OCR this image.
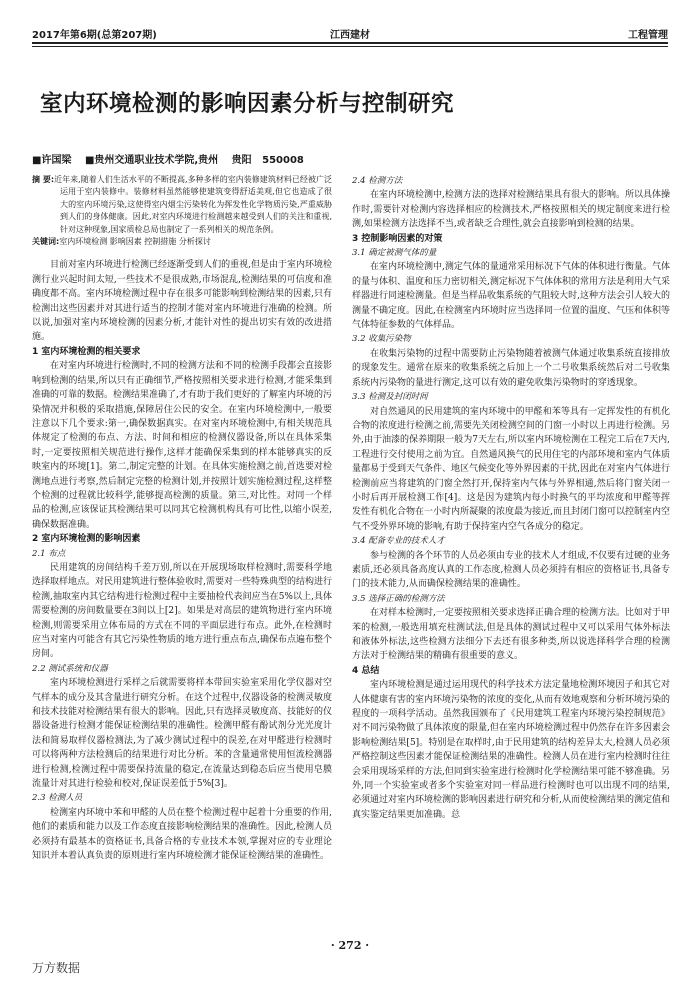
2017年第6期(总第207期)	江西建材	工程管理
室内环境检测的影响因素分析与控制研究
■许国梁 ■贵州交通职业技术学院,贵州 贵阳 550008

摘 要:近年来,随着人们生活水平的不断提高,多种多样的室内装修建筑材料已经被广泛运用于室内装修中。装修材料虽然能够使建筑变得舒适美观,但它也造成了很大的室内环境污染,这使得室内烟尘污染转化为挥发性化学物质污染,严重威胁到人们的身体健康。因此,对室内环境进行检测越来越受到人们的关注和重视,针对这种现象,国家质检总局也制定了一系列相关的规范条例。

关键词:室内环境检测 影响因素 控制措施 分析探讨

目前对室内环境进行检测已经逐渐受到人们的重视,但是由于室内环境检测行业兴起时间太短,一些技术不是很成熟,市场混乱,检测结果的可信度和准确度都不高。室内环境检测过程中存在很多可能影响到检测结果的因素,只有检测出这些因素并对其进行适当的控制才能对室内环境进行准确的检测。所以说,加强对室内环境检测的因素分析,才能针对性的提出切实有效的改进措施。

1 室内环境检测的相关要求

在对室内环境进行检测时,不同的检测方法和不同的检测手段都会直接影响到检测的结果,所以只有正确细节,严格按照相关要求进行检测,才能采集到准确的可靠的数据。检测结果准确了,才有助于我们更好的了解室内环境的污染情况并积极的采取措施,保障居住公民的安全。在室内环境检测中,一般要注意以下几个要求:第一,确保数据真实。在对室内环境检测中,有相关规范具体规定了检测的布点、方法、时间和相应的检测仪器设备,所以在具体采集时,一定要按照相关规范进行操作,这样才能确保采集到的样本能够真实的反映室内的环境[1]。第二,制定完整的计划。在具体实施检测之前,首选要对检测地点进行考察,然后制定完整的检测计划,并按照计划实施检测过程,这样整个检测的过程就比较科学,能够提高检测的质量。第三,对比性。对同一个样品的检测,应该保证其检测结果可以同其它检测机构具有可比性,以缩小误差,确保数据准确。

2 室内环境检测的影响因素
2.1 布点

民用建筑的房间结构千差万别,所以在开展现场取样检测时,需要科学地选择取样地点。对民用建筑进行整体验收时,需要对一些特殊典型的结构进行检测,抽取室内其它结构进行检测过程中主要抽检代表间应当在5%以上,具体需要检测的房间数量要在3间以上[2]。如果是对高层的建筑物进行室内环境检测,则需要采用立体布局的方式在不同的平面层进行布点。此外,在检测时应当对室内可能含有其它污染性物质的地方进行重点布点,确保布点遍布整个房间。

2.2 测试系统和仪器

室内环境检测进行采样之后就需要将样本带回实验室采用化学仪器对空气样本的成分及其含量进行研究分析。在这个过程中,仪器设备的检测灵敏度和技术技能对检测结果有很大的影响。因此,只有选择灵敏度高、技能好的仪器设备进行检测才能保证检测结果的准确性。检测甲醛有酚试剂分光光度计法和简易取样仪器检测法,为了减少测试过程中的误差,在对甲醛进行检测时可以将两种方法检测后的结果进行对比分析。苯的含量通常使用恒流检测器进行检测,检测过程中需要保持流量的稳定,在流量达到稳态后应当使用皂膜流量计对其进行检验和校对,保证误差低于5%[3]。

2.3 检测人员

检测室内环境中苯和甲醛的人员在整个检测过程中起着十分重要的作用,他们的素质和能力以及工作态度直接影响检测结果的准确性。因此,检测人员必须持有最基本的资格证书,具备合格的专业技术本领,掌握对应的专业理论知识并本着认真负责的原则进行室内环境检测才能保证检测结果的准确性。

2.4 检测方法

在室内环境检测中,检测方法的选择对检测结果具有很大的影响。所以具体操作时,需要针对检测内容选择相应的检测技术,严格按照相关的规定制度来进行检测,如果检测方法选择不当,或者缺乏合理性,就会直接影响到检测的结果。

3 控制影响因素的对策
3.1 确定被测气体的量

在室内环境检测中,测定气体的量通常采用标况下气体的体积进行衡量。气体的量与体积、温度和压力密切相关,测定标况下气体体积的常用方法是利用大气采样器进行同速检测量。但是当样品收集系统的气阻较大时,这种方法会引人较大的测量不确定度。因此,在检测室内环境时应当选择同一位置的温度、气压和体积等气体特征参数的气体样品。

3.2 收集污染物

在收集污染物的过程中需要防止污染物随着被测气体通过收集系统直接排放的现象发生。通常在原来的收集系统之后加上一个二号收集系统然后对二号收集系统内污染物的量进行测定,这可以有效的避免收集污染物时的穿透现象。

3.3 检测及封闭时间

对自然通风的民用建筑的室内环境中的甲醛和苯等具有一定挥发性的有机化合物的浓度进行检测之前,需要先关闭检测空间的门窗一小时以上再进行检测。另外,由于油漆的保养期限一般为7天左右,所以室内环境检测在工程完工后在7天内,工程进行交付使用之前为宜。自然通风换气的民用住宅的内部环境和室内气体质量都易于受到天气条件、地区气候变化等外界因素的干扰,因此在对室内气体进行检测前应当将建筑的门窗全然打开,保持室内气体与外界相通,然后将门窗关闭一小时后再开展检测工作[4]。这是因为建筑内每小时换气的平均浓度和甲醛等挥发性有机化合物在一小时内所凝聚的浓度最为接近,而且封闭门窗可以控制室内空气不受外界环境的影响,有助于保持室内空气各成分的稳定。

3.4 配备专业的技术人才

参与检测的各个环节的人员必须由专业的技术人才组成,不仅要有过硬的业务素质,还必须具备高度认真的工作态度,检测人员必须持有相应的资格证书,具备专门的技术能力,从而确保检测结果的准确性。

3.5 选择正确的检测方法

在对样本检测时,一定要按照相关要求选择正确合理的检测方法。比如对于甲苯的检测,一般选用填充柱测试法,但是具体的测试过程中又可以采用气体外标法和液体外标法,这些检测方法细分下去还有很多种类,所以说选择科学合理的检测方法对于检测结果的精确有很重要的意义。

4 总结

室内环境检测是通过运用现代的科学技术方法定量地检测环境因子和其它对人体健康有害的室内环境污染物的浓度的变化,从而有效地观察和分析环境污染的程度的一项科学活动。虽然我国颁布了《民用建筑工程室内环境污染控制规范》对不同污染物做了具体浓度的限量,但在室内环境检测过程中仍然存在许多因素会影响检测结果[5]。特别是在取样时,由于民用建筑的结构差异太大,检测人员必须严格控制这些因素才能保证检测结果的准确性。检测人员在进行室内检测时往往会采用现场采样的方法,但同到实验室进行检测时化学检测结果可能不够准确。另外,同一个实验室或者多个实验室对同一样品进行检测时也可以出现不同的结果,必须通过对室内环境检测的影响因素进行研究和分析,从而使检测结果的测定值和真实鉴定结果更加准确。总

· 272 ·
万方数据
